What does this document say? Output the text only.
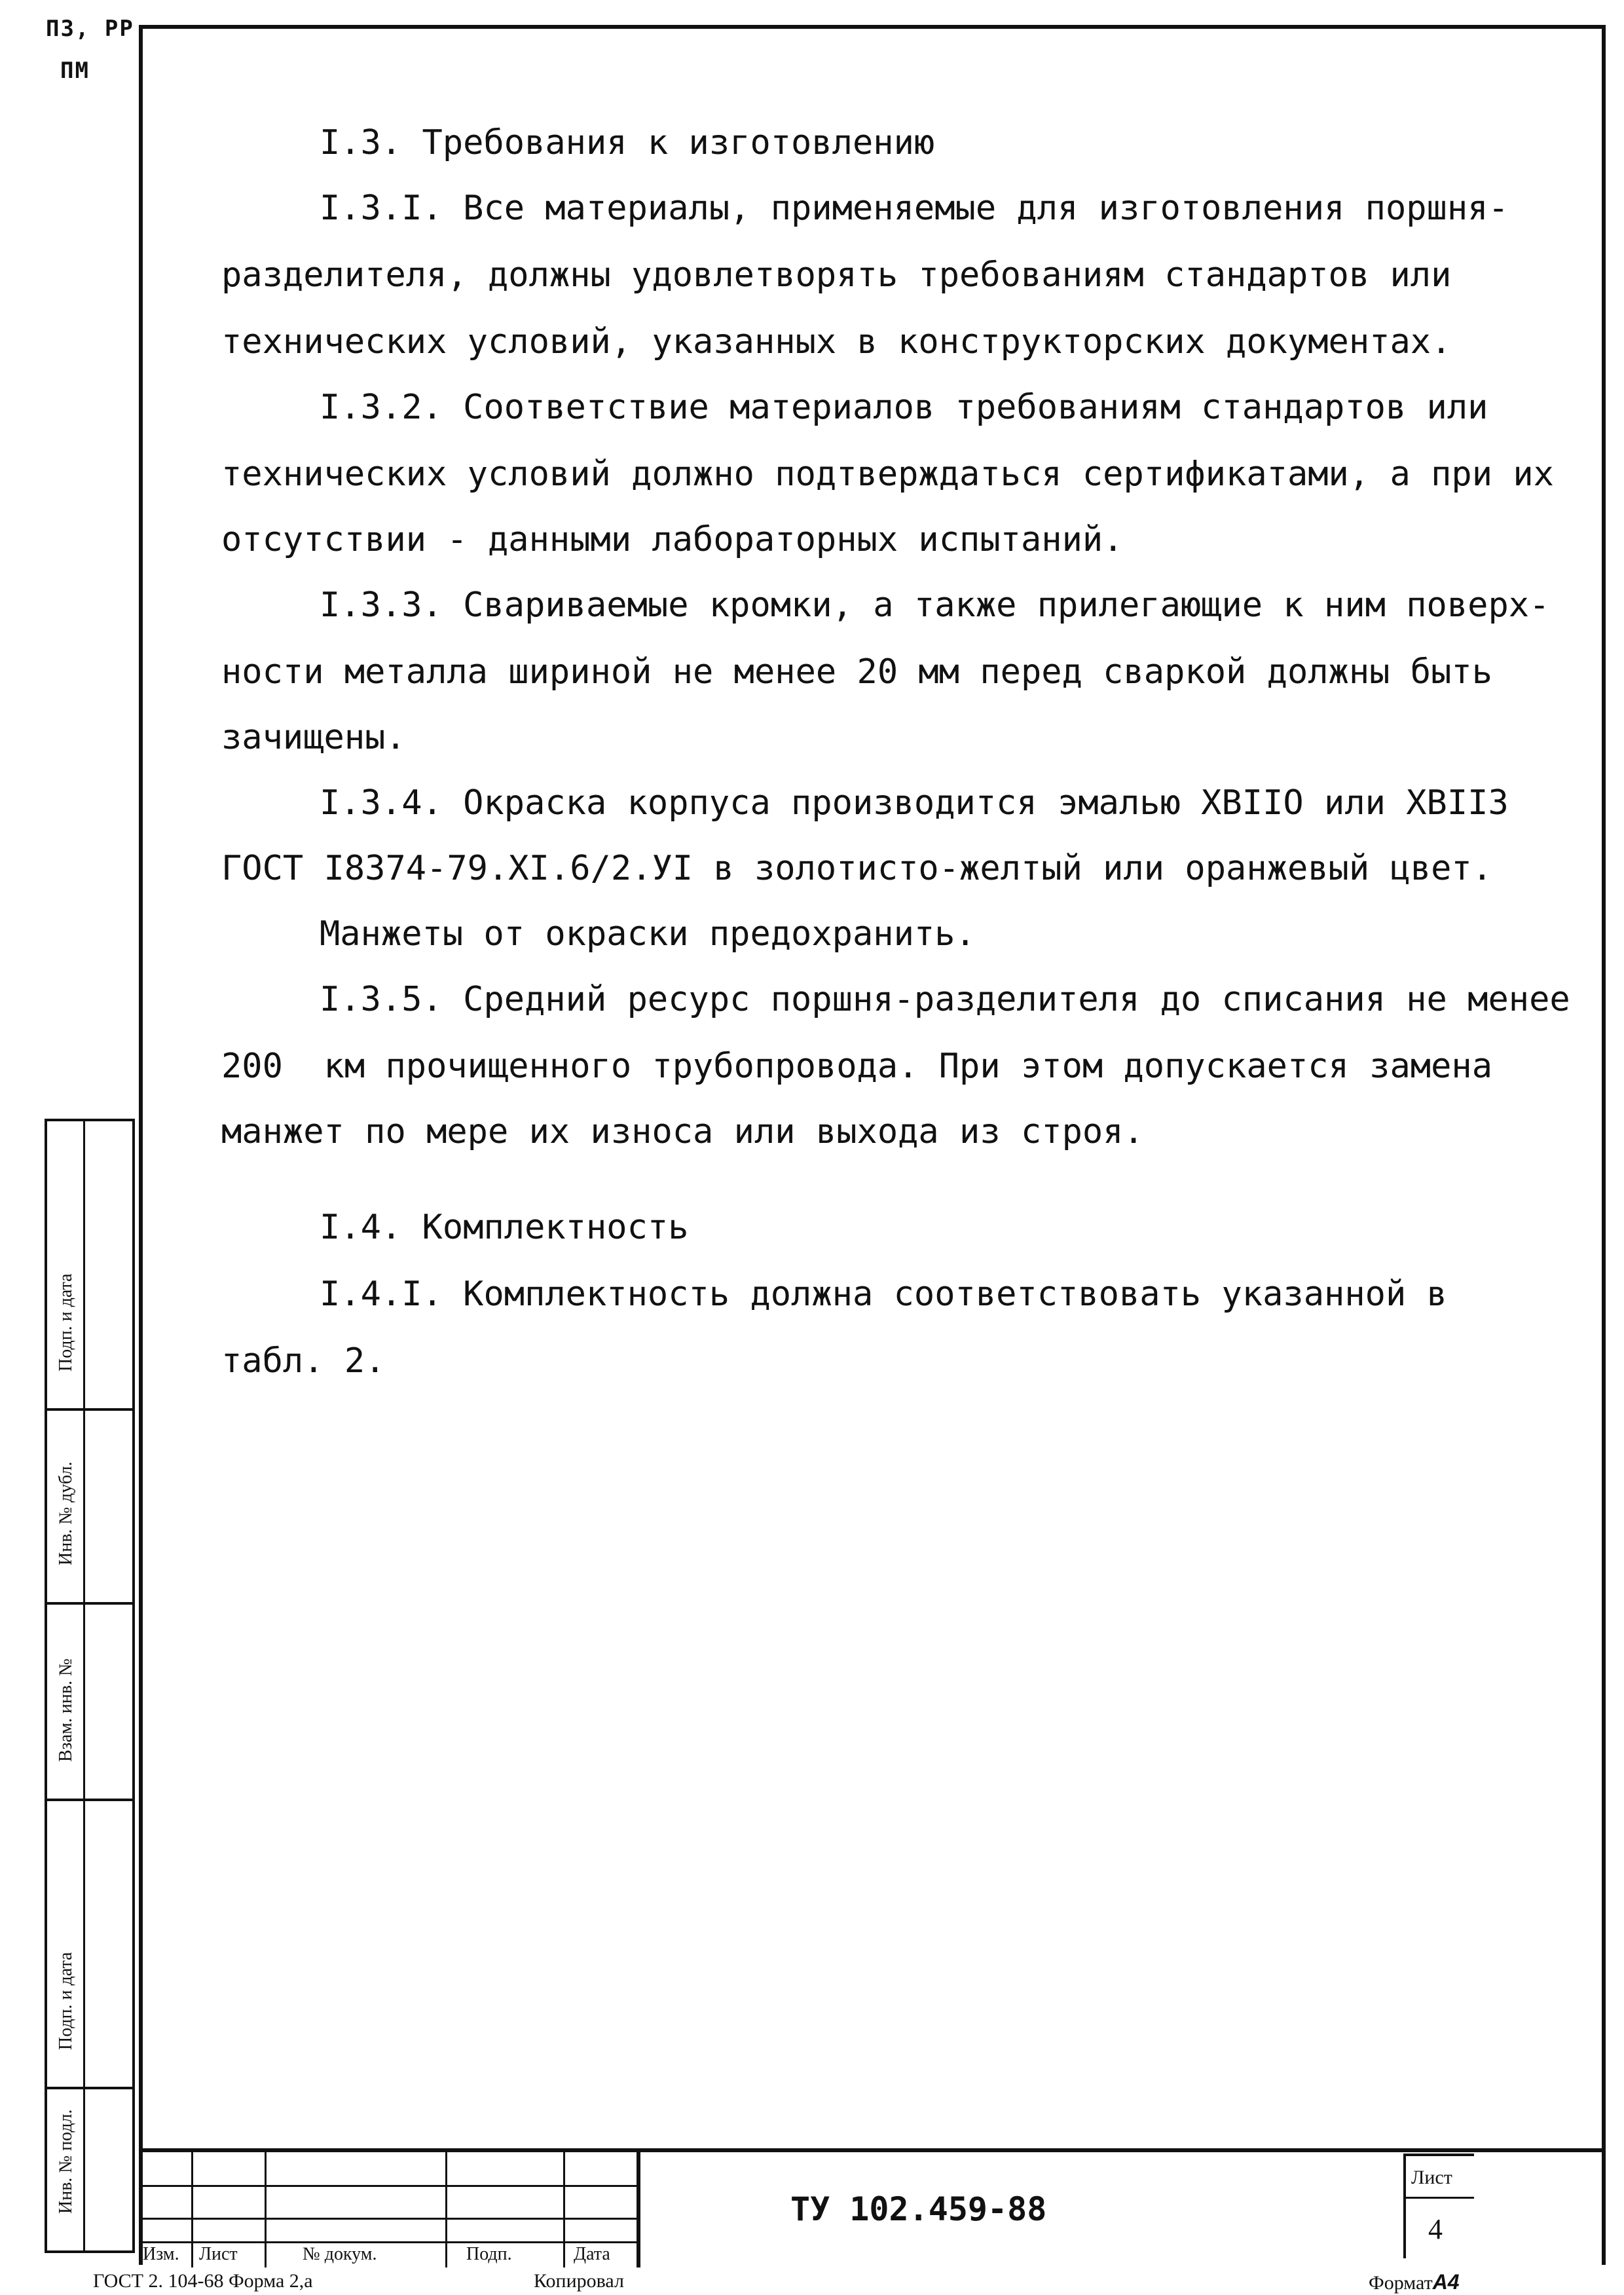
ПЗ, РР
ПМ
I.3. Требования к изготовлению
I.3.I. Все материалы, применяемые для изготовления поршня-
разделителя, должны удовлетворять требованиям стандартов или
технических условий, указанных в конструкторских документах.
I.3.2. Соответствие материалов требованиям стандартов или
технических условий должно подтверждаться сертификатами, а при их
отсутствии - данными лабораторных испытаний.
I.3.3. Свариваемые кромки, а также прилегающие к ним поверх-
ности металла шириной не менее 20 мм перед сваркой должны быть
зачищены.
I.3.4. Окраска корпуса производится эмалью ХВIIО или ХВII3
ГОСТ I8374-79.XI.6/2.УI в золотисто-желтый или оранжевый цвет.
Манжеты от окраски предохранить.
I.3.5. Средний ресурс поршня-разделителя до списания не менее
200  км прочищенного трубопровода. При этом допускается замена
манжет по мере их износа или выхода из строя.
I.4. Комплектность
I.4.I. Комплектность должна соответствовать указанной в
табл. 2.
Подп. и дата
Инв. № дубл.
Взам. инв. №
Подп. и дата
Инв. № подл.
Изм. Лист	№ докум.	Подп.	Дата
ТУ 102.459-88
Лист
4
ГОСТ 2. 104-68 Форма 2,а	Копировал	ФорматА4
